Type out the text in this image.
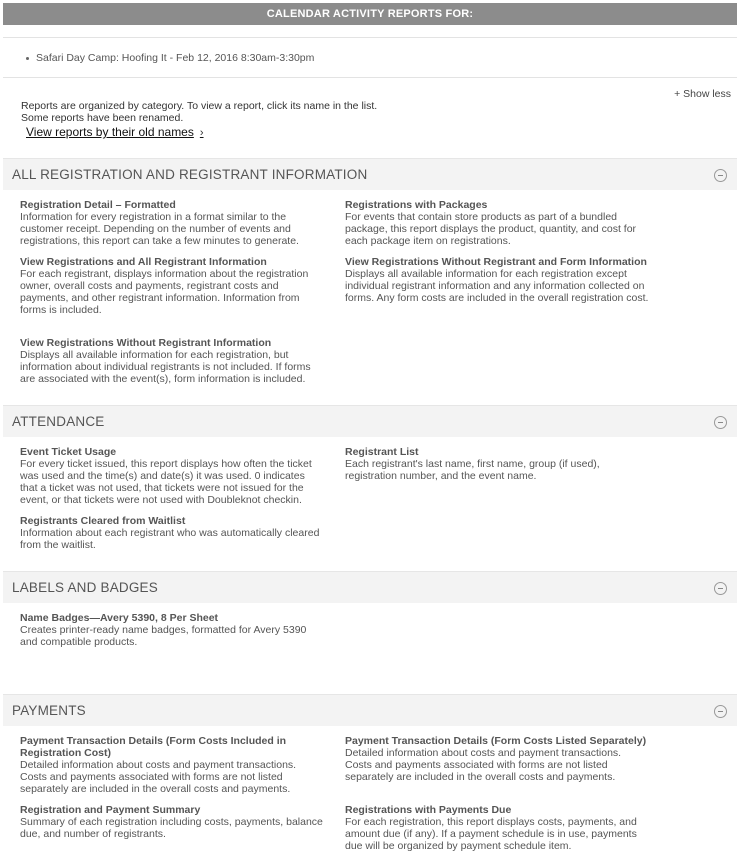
CALENDAR ACTIVITY REPORTS FOR:
Safari Day Camp: Hoofing It - Feb 12, 2016 8:30am-3:30pm
+ Show less
Reports are organized by category. To view a report, click its name in the list.
Some reports have been renamed.
View reports by their old names ›
ALL REGISTRATION AND REGISTRANT INFORMATION
Registration Detail – Formatted
Information for every registration in a format similar to the customer receipt. Depending on the number of events and registrations, this report can take a few minutes to generate.
Registrations with Packages
For events that contain store products as part of a bundled package, this report displays the product, quantity, and cost for each package item on registrations.
View Registrations and All Registrant Information
For each registrant, displays information about the registration owner, overall costs and payments, registrant costs and payments, and other registrant information. Information from forms is included.
View Registrations Without Registrant and Form Information
Displays all available information for each registration except individual registrant information and any information collected on forms. Any form costs are included in the overall registration cost.
View Registrations Without Registrant Information
Displays all available information for each registration, but information about individual registrants is not included. If forms are associated with the event(s), form information is included.
ATTENDANCE
Event Ticket Usage
For every ticket issued, this report displays how often the ticket was used and the time(s) and date(s) it was used. 0 indicates that a ticket was not used, that tickets were not issued for the event, or that tickets were not used with Doubleknot checkin.
Registrant List
Each registrant's last name, first name, group (if used), registration number, and the event name.
Registrants Cleared from Waitlist
Information about each registrant who was automatically cleared from the waitlist.
LABELS AND BADGES
Name Badges—Avery 5390, 8 Per Sheet
Creates printer-ready name badges, formatted for Avery 5390 and compatible products.
PAYMENTS
Payment Transaction Details (Form Costs Included in Registration Cost)
Detailed information about costs and payment transactions. Costs and payments associated with forms are not listed separately are included in the overall costs and payments.
Payment Transaction Details (Form Costs Listed Separately)
Detailed information about costs and payment transactions. Costs and payments associated with forms are not listed separately are included in the overall costs and payments.
Registration and Payment Summary
Summary of each registration including costs, payments, balance due, and number of registrants.
Registrations with Payments Due
For each registration, this report displays costs, payments, and amount due (if any). If a payment schedule is in use, payments due will be organized by payment schedule item.
